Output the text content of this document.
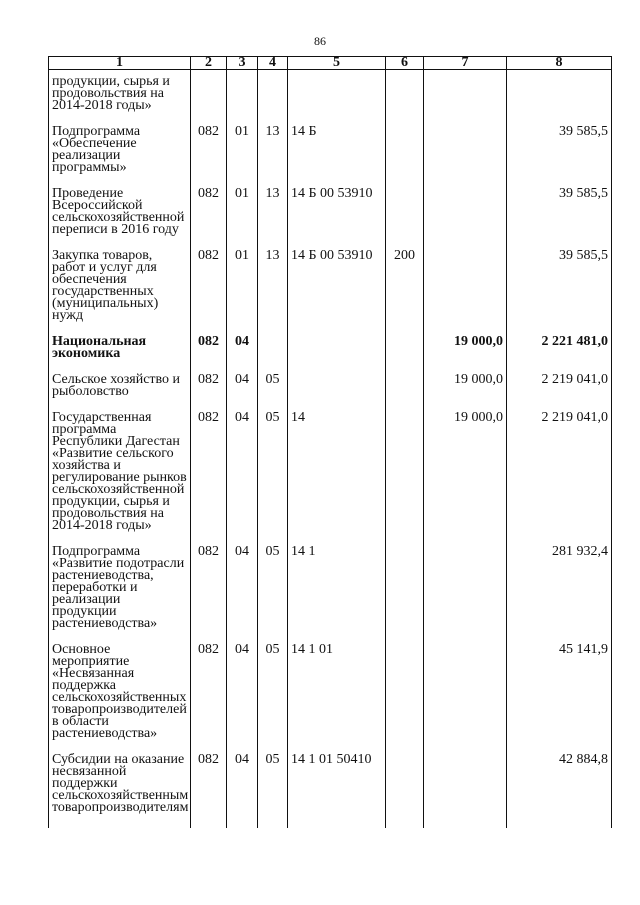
86
1	2	3	4	5	6	7	8
продукции, сырья и продовольствия на 2014-2018 годы»							
Подпрограмма «Обеспечение реализации программы»	082	01	13	14 Б			39 585,5
Проведение Всероссийской сельскохозяйственной переписи в 2016 году	082	01	13	14 Б 00 53910			39 585,5
Закупка товаров, работ и услуг для обеспечения государственных (муниципальных) нужд	082	01	13	14 Б 00 53910	200		39 585,5
Национальная экономика	082	04				19 000,0	2 221 481,0
Сельское хозяйство и рыболовство	082	04	05			19 000,0	2 219 041,0
Государственная программа Республики Дагестан «Развитие сельского хозяйства и регулирование рынков сельскохозяйственной продукции, сырья и продовольствия на 2014-2018 годы»	082	04	05	14		19 000,0	2 219 041,0
Подпрограмма «Развитие подотрасли растениеводства, переработки и реализации продукции растениеводства»	082	04	05	14 1			281 932,4
Основное мероприятие «Несвязанная поддержка сельскохозяйственных товаропроизводителей в области растениеводства»	082	04	05	14 1 01			45 141,9
Субсидии на оказание несвязанной поддержки сельскохозяйственным товаропроизводителям	082	04	05	14 1 01 50410			42 884,8
